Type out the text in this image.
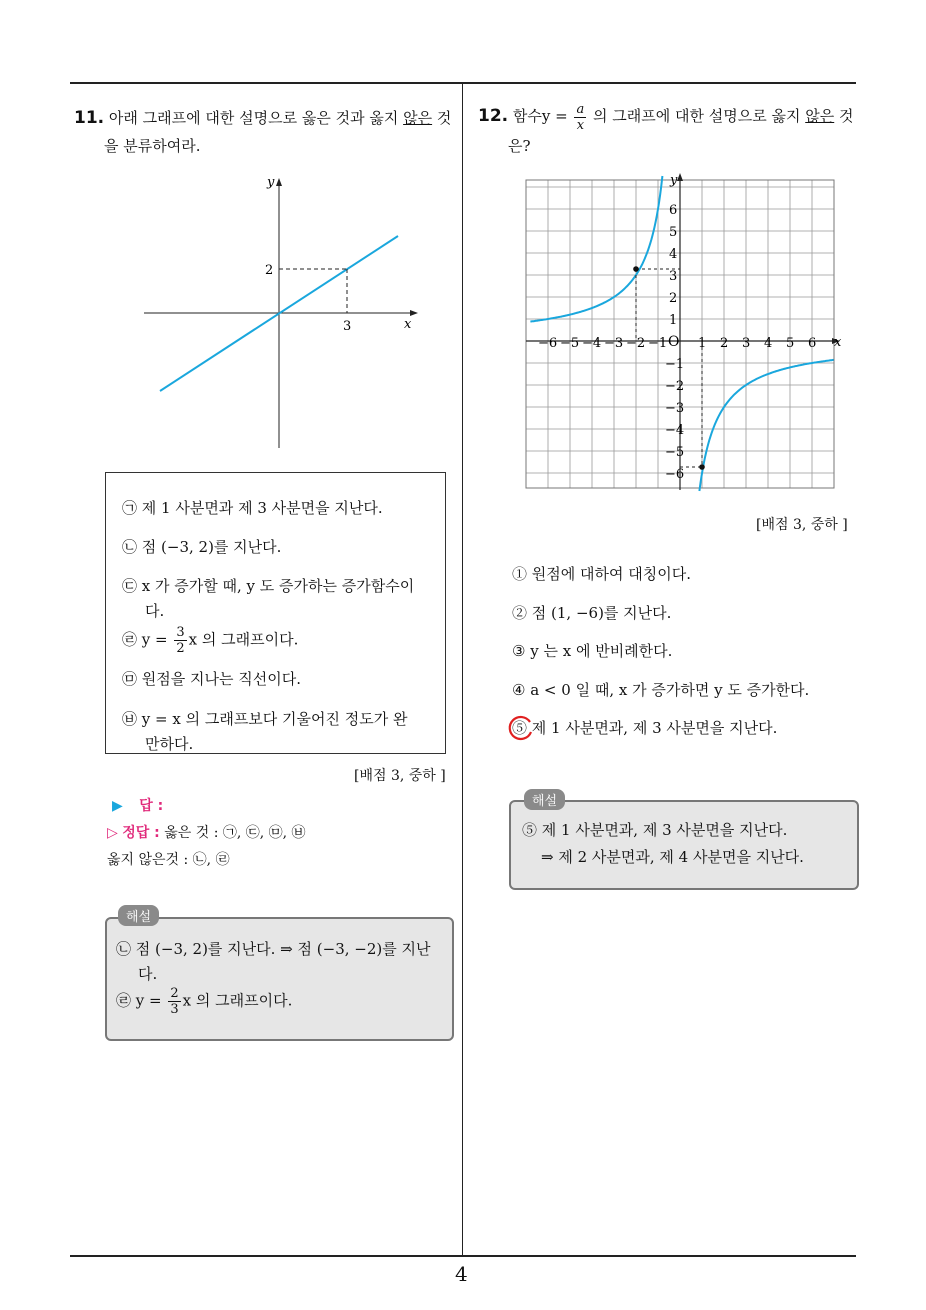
4
11. 아래 그래프에 대한 설명으로 옳은 것과 옳지 않은 것
을 분류하여라.
x
y
3
2
㉠ 제 1 사분면과 제 3 사분면을 지난다.
㉡ 점 (−3, 2)를 지난다.
㉢ x 가 증가할 때, y 도 증가하는 증가함수이
다.
㉣ $y = \frac{3}{2}$ x 의 그래프이다.
㉤ 원점을 지나는 직선이다.
㉥ y = x 의 그래프보다 기울어진 정도가 완
만하다.
[배점 3, 중하 ]
▶ 답 :
▷ 정답 : 옳은 것 : ㉠, ㉢, ㉤, ㉥
옳지 않은것 : ㉡, ㉣
해설
㉡ 점 (−3, 2)를 지난다. ⇒ 점 (−3, −2)를 지난
다.
㉣ $y = \frac{2}{3}$ x 의 그래프이다.
12. 함수$y = \frac{a}{x}$ 의 그래프에 대한 설명으로 옳지 않은 것
은?
−6 −5 −4 −3 −2 −1 1 2 3 4 5 6
6
5
4
3
2
1
−1
−2
−3
−4
−5
−6
x
y
O
[배점 3, 중하 ]
① 원점에 대하여 대칭이다.
② 점 (1, −6)를 지난다.
③ y 는 x 에 반비례한다.
④ a < 0 일 때, x 가 증가하면 y 도 증가한다.
⑤ 제 1 사분면과, 제 3 사분면을 지난다.
해설
⑤ 제 1 사분면과, 제 3 사분면을 지난다.
⇒ 제 2 사분면과, 제 4 사분면을 지난다.
